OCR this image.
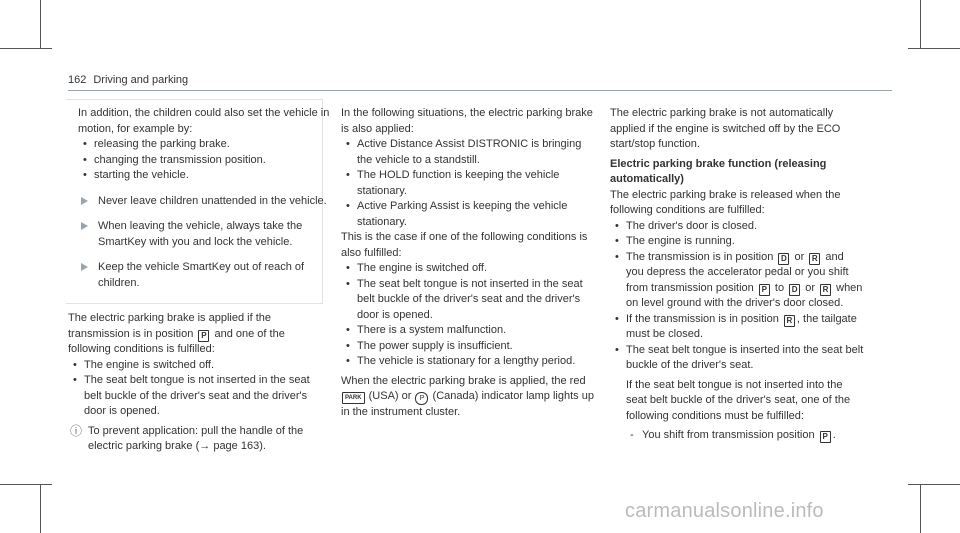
162 Driving and parking

In addition, the children could also set the vehicle in motion, for example by:

• releasing the parking brake.
• changing the transmission position.
• starting the vehicle.

Never leave children unattended in the vehicle.

When leaving the vehicle, always take the SmartKey with you and lock the vehicle.

Keep the vehicle SmartKey out of reach of children.

The electric parking brake is applied if the transmission is in position P and one of the following conditions is fulfilled:

• The engine is switched off.
• The seat belt tongue is not inserted in the seat belt buckle of the driver's seat and the driver's door is opened.

ⓘ To prevent application: pull the handle of the electric parking brake (→ page 163).

In the following situations, the electric parking brake is also applied:

• Active Distance Assist DISTRONIC is bringing the vehicle to a standstill.
• The HOLD function is keeping the vehicle stationary.
• Active Parking Assist is keeping the vehicle stationary.

This is the case if one of the following conditions is also fulfilled:

• The engine is switched off.
• The seat belt tongue is not inserted in the seat belt buckle of the driver's seat and the driver's door is opened.
• There is a system malfunction.
• The power supply is insufficient.
• The vehicle is stationary for a lengthy period.

When the electric parking brake is applied, the red PARK (USA) or P (Canada) indicator lamp lights up in the instrument cluster.

The electric parking brake is not automatically applied if the engine is switched off by the ECO start/stop function.

Electric parking brake function (releasing automatically)

The electric parking brake is released when the following conditions are fulfilled:

• The driver's door is closed.
• The engine is running.
• The transmission is in position D or R and you depress the accelerator pedal or you shift from transmission position P to D or R when on level ground with the driver's door closed.
• If the transmission is in position R , the tailgate must be closed.
• The seat belt tongue is inserted into the seat belt buckle of the driver's seat.

If the seat belt tongue is not inserted into the seat belt buckle of the driver's seat, one of the following conditions must be fulfilled:

- You shift from transmission position P .
carmanualsonline.info
